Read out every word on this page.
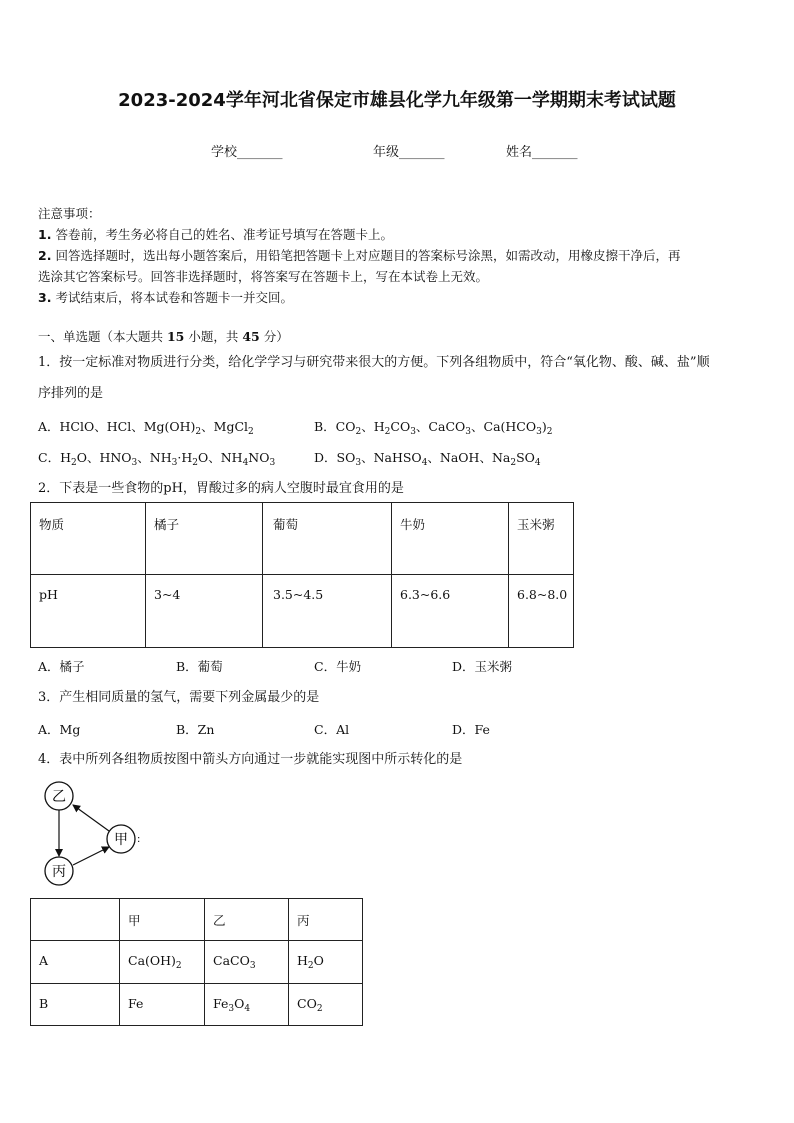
2023-2024学年河北省保定市雄县化学九年级第一学期期末考试试题
学校_______	年级_______	姓名_______
注意事项：
1. 答卷前，考生务必将自己的姓名、准考证号填写在答题卡上。
2. 回答选择题时，选出每小题答案后，用铅笔把答题卡上对应题目的答案标号涂黑，如需改动，用橡皮擦干净后，再
选涂其它答案标号。回答非选择题时，将答案写在答题卡上，写在本试卷上无效。
3. 考试结束后，将本试卷和答题卡一并交回。
一、单选题（本大题共 15 小题，共 45 分）
1．按一定标准对物质进行分类，给化学学习与研究带来很大的方便。下列各组物质中，符合“氧化物、酸、碱、盐”顺
序排列的是
A．HClO、HCl、$Mg(OH)_2$、MgCl$_2$	B．$CO_2$、$H_2CO_3$、CaCO$_3$、$Ca(HCO_3)_2$
C．$H_2O$、$HNO_3$、$NH_3\cdot H_2O$、$NH_4NO_3$	D．$SO_3$、NaHSO$_4$、NaOH、$Na_2SO_4$
2．下表是一些食物的pH，胃酸过多的病人空腹时最宜食用的是
物质	橘子	葡萄	牛奶	玉米粥
pH	3~4	3.5~4.5	6.3~6.6	6.8~8.0
A．橘子	B．葡萄	C．牛奶	D．玉米粥
3．产生相同质量的氢气，需要下列金属最少的是
A．Mg	B．Zn	C．Al	D．Fe
4．表中所列各组物质按图中箭头方向通过一步就能实现图中所示转化的是
乙
甲
丙
:
	甲	乙	丙
A	$Ca(OH)_2$	CaCO$_3$	$H_2O$
B	Fe	$Fe_3O_4$	$CO_2$
